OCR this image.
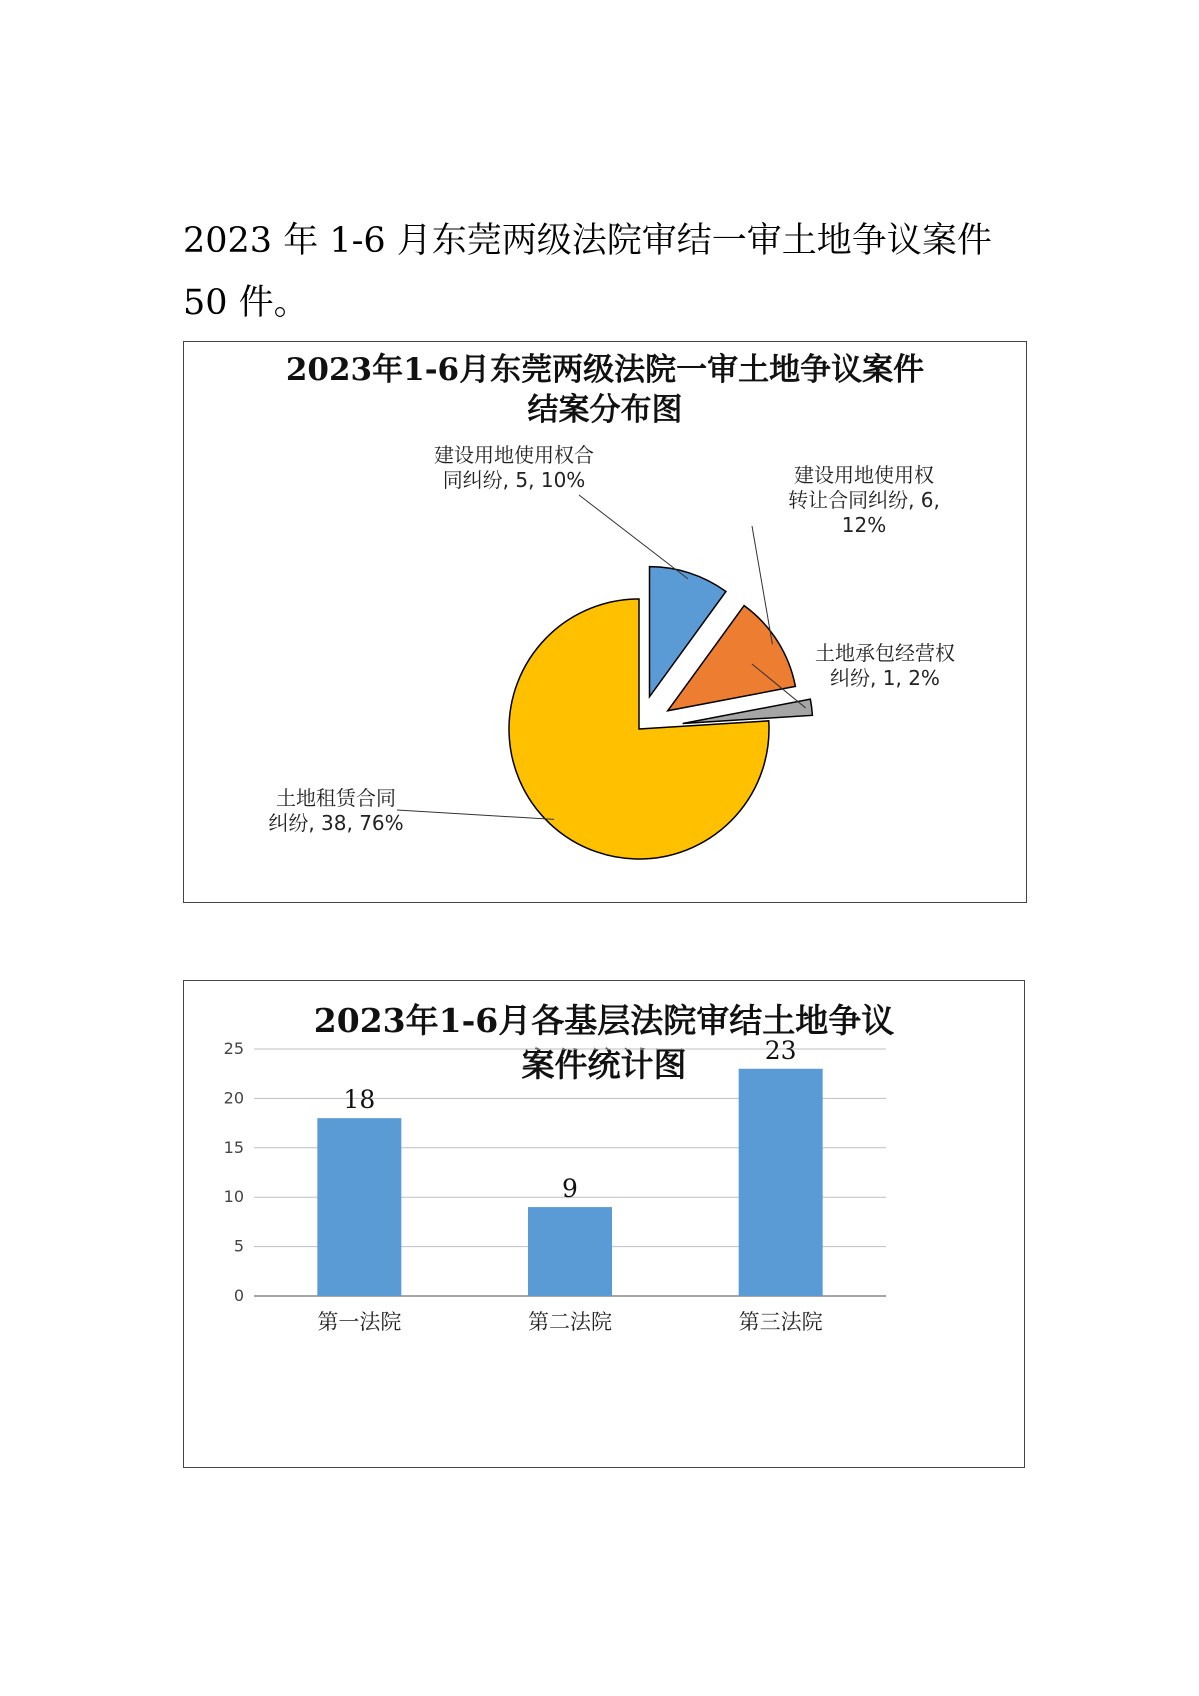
2023 年 1-6 月东莞两级法院审结一审土地争议案件
50 件。

2023年1-6月东莞两级法院一审土地争议案件
结案分布图
建设用地使用权合同纠纷, 5, 10%	建设用地使用权转让合同纠纷, 6, 12%
土地承包经营权纠纷, 1, 2%
土地租赁合同纠纷, 38, 76%
2023年1-6月各基层法院审结土地争议
案件统计图
0
5
10
15
20
25
18
第一法院
9
第二法院
23
第三法院
